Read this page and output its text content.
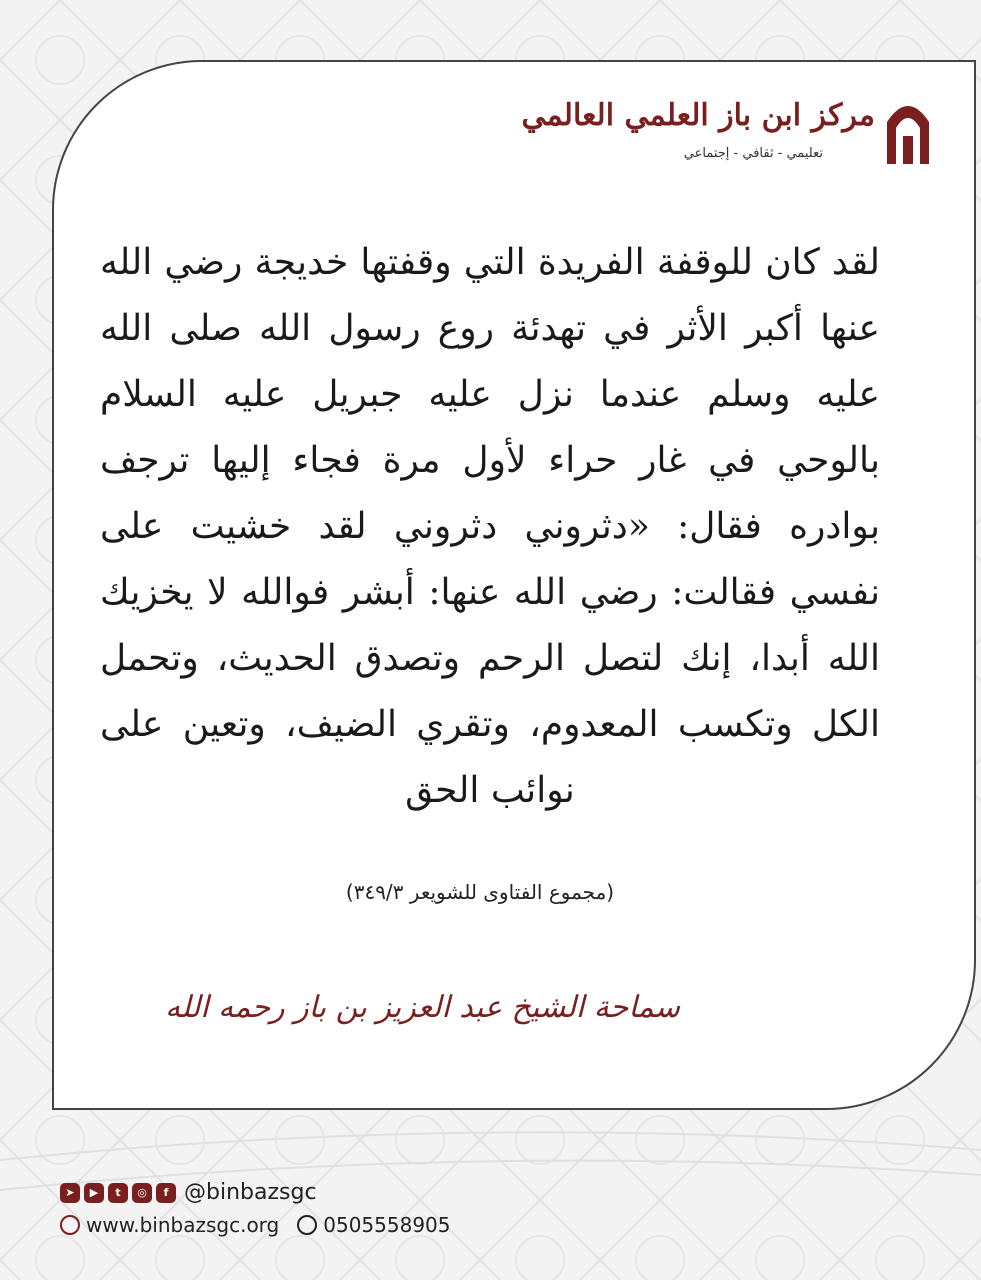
مركز ابن باز العلمي العالمي
تعليمي - ثقافي - إجتماعي
لقد كان للوقفة الفريدة التي وقفتها خديجة رضي الله عنها أكبر الأثر في تهدئة روع رسول الله صلى الله عليه وسلم عندما نزل عليه جبريل عليه السلام بالوحي في غار حراء لأول مرة فجاء إليها ترجف بوادره فقال: «دثروني دثروني لقد خشيت على نفسي فقالت: رضي الله عنها: أبشر فوالله لا يخزيك الله أبدا، إنك لتصل الرحم وتصدق الحديث، وتحمل الكل وتكسب المعدوم، وتقري الضيف، وتعين على نوائب الحق
(مجموع الفتاوى للشويعر ٣٤٩/٣)
سماحة الشيخ عبد العزيز بن باز رحمه الله
➤	▶	t	◎	f @binbazsgc
www.binbazsgc.org 0505558905
